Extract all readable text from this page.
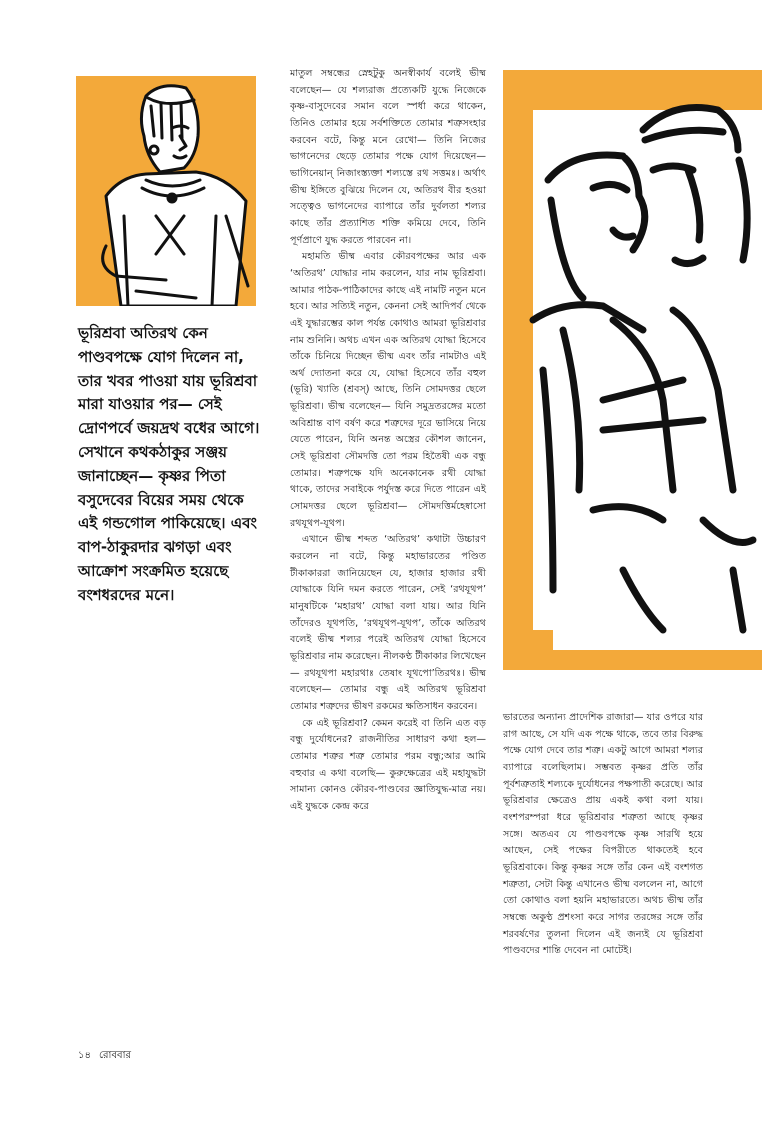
ভূরিশ্রবা অতিরথ কেন পাণ্ডবপক্ষে যোগ দিলেন না, তার খবর পাওয়া যায় ভূরিশ্রবা মারা যাওয়ার পর— সেই দ্রোণপর্বে জয়দ্রথ বধের আগে। সেখানে কথকঠাকুর সঞ্জয় জানাচ্ছেন— কৃষ্ণর পিতা বসুদেবের বিয়ের সময় থেকে এই গন্ডগোল পাকিয়েছে। এবং বাপ-ঠাকুরদার ঝগড়া এবং আক্রোশ সংক্রমিত হয়েছে বংশধরদের মনে।

মাতুল সম্বন্ধের স্নেহটুকু অনস্বীকার্য বলেই ভীষ্ম বলেছেন— যে শল্যরাজ প্রত্যেকটি যুদ্ধে নিজেকে কৃষ্ণ-বাসুদেবের সমান বলে স্পর্ধা করে থাকেন, তিনিও তোমার হয়ে সর্বশক্তিতে তোমার শত্রুসংহার করবেন বটে, কিন্তু মনে রেখো— তিনি নিজের ভাগনেদের ছেড়ে তোমার পক্ষে যোগ দিয়েছেন— ভাগিনেয়ান্ নিজাংস্ত্যক্তা শল্যস্তে রথ সত্তমঃ। অর্থাৎ ভীষ্ম ইঙ্গিতে বুঝিয়ে দিলেন যে, অতিরথ বীর হওয়া সত্ত্বেও ভাগনেদের ব্যাপারে তাঁর দুর্বলতা শল্যর কাছে তাঁর প্রত্যাশিত শক্তি কমিয়ে দেবে, তিনি পূর্ণপ্রাণে যুদ্ধ করতে পারবেন না।

মহামতি ভীষ্ম এবার কৌরবপক্ষের আর এক ‘অতিরথ’ যোদ্ধার নাম করলেন, যার নাম ভূরিশ্রবা। আমার পাঠক-পাঠিকাদের কাছে এই নামটি নতুন মনে হবে। আর সত্যিই নতুন, কেননা সেই আদিপর্ব থেকে এই যুদ্ধারম্ভের কাল পর্যন্ত কোথাও আমরা ভূরিশ্রবার নাম শুনিনি। অথচ এখন এক অতিরথ যোদ্ধা হিসেবে তাঁকে চিনিয়ে দিচ্ছেন ভীষ্ম এবং তাঁর নামটাও এই অর্থ দ্যোতনা করে যে, যোদ্ধা হিসেবে তাঁর বহুল (ভূরি) খ্যাতি (শ্রবস্) আছে, তিনি সোমদত্তর ছেলে ভূরিশ্রবা। ভীষ্ম বলেছেন— যিনি সমুদ্রতরঙ্গের মতো অবিশ্রান্ত বাণ বর্ষণ করে শত্রুদের দূরে ভাসিয়ে নিয়ে যেতে পারেন, যিনি অনন্ত অস্ত্রের কৌশল জানেন, সেই ভূরিশ্রবা সৌমদত্তি তো পরম হিতৈষী এক বন্ধু তোমার। শত্রুপক্ষে যদি অনেকানেক রথী যোদ্ধা থাকে, তাদের সবাইকে পর্যুদস্ত করে দিতে পারেন এই সোমদত্তর ছেলে ভূরিশ্রবা— সৌমদত্তির্মহেষ্বাসো রথযূথপ-যূথপ।

এখানে ভীষ্ম শব্দত ‘অতিরথ’ কথাটা উচ্চারণ করলেন না বটে, কিন্তু মহাভারতের পণ্ডিত টীকাকাররা জানিয়েছেন যে, হাজার হাজার রথী যোদ্ধাকে যিনি দমন করতে পারেন, সেই ‘রথযূথপ’ মানুষটিকে ‘মহারথ’ যোদ্ধা বলা যায়। আর যিনি তাঁদেরও যূথপতি, ‘রথযূথপ-যূথপ’, তাঁকে অতিরথ বলেই ভীষ্ম শল্যর পরেই অতিরথ যোদ্ধা হিসেবে ভূরিশ্রবার নাম করেছেন। নীলকণ্ঠ টীকাকার লিখেছেন— রথযূথপা মহারথাঃ তেষাং যূথপো’তিরথঃ। ভীষ্ম বলেছেন— তোমার বন্ধু এই অতিরথ ভূরিশ্রবা তোমার শত্রুদের ভীষণ রকমের ক্ষতিসাধন করবেন।

কে এই ভূরিশ্রবা? কেমন করেই বা তিনি এত বড় বন্ধু দুর্যোধনের? রাজনীতির সাধারণ কথা হল— তোমার শত্রুর শত্রু তোমার পরম বন্ধু;আর আমি বহুবার এ কথা বলেছি— কুরুক্ষেত্রের এই মহাযুদ্ধটা সামান্য কোনও কৌরব-পাণ্ডবের জ্ঞাতিযুদ্ধ-মাত্র নয়। এই যুদ্ধকে কেন্দ্র করে

ভারতের অন্যান্য প্রাদেশিক রাজারা— যার ওপরে যার রাগ আছে, সে যদি এক পক্ষে থাকে, তবে তার বিরুদ্ধ পক্ষে যোগ দেবে তার শত্রু। একটু আগে আমরা শল্যর ব্যাপারে বলেছিলাম। সম্ভবত কৃষ্ণর প্রতি তাঁর পূর্বশত্রুতাই শল্যকে দুর্যোধনের পক্ষপাতী করেছে। আর ভূরিশ্রবার ক্ষেত্রেও প্রায় একই কথা বলা যায়। বংশপরম্পরা ধরে ভূরিশ্রবার শত্রুতা আছে কৃষ্ণর সঙ্গে। অতএব যে পাণ্ডবপক্ষে কৃষ্ণ সারথি হয়ে আছেন, সেই পক্ষের বিপরীতে থাকতেই হবে ভূরিশ্রবাকে। কিন্তু কৃষ্ণর সঙ্গে তাঁর কেন এই বংশগত শত্রুতা, সেটা কিন্তু এখানেও ভীষ্ম বললেন না, আগে তো কোথাও বলা হয়নি মহাভারতে। অথচ ভীষ্ম তাঁর সম্বন্ধে অকুণ্ঠ প্রশংসা করে সাগর তরঙ্গের সঙ্গে তাঁর শরবর্ষণের তুলনা দিলেন এই জন্যই যে ভূরিশ্রবা পাণ্ডবদের শান্তি দেবেন না মোটেই।

১৪ রোববার
